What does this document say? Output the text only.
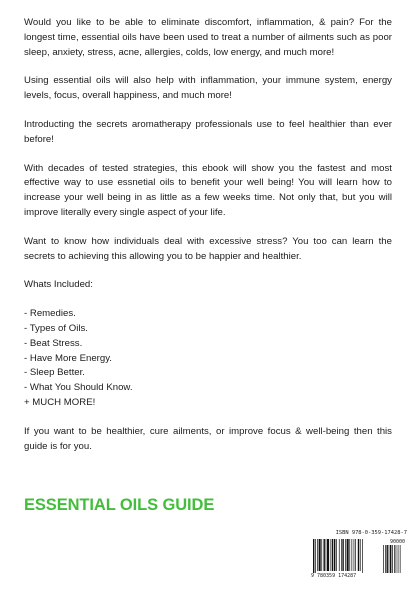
Would you like to be able to eliminate discomfort, inflammation, & pain? For the longest time, essential oils have been used to treat a number of ailments such as poor sleep, anxiety, stress, acne, allergies, colds, low energy, and much more!

Using essential oils will also help with inflammation, your immune system, energy levels, focus, overall happiness, and much more!

Introducting the secrets aromatherapy professionals use to feel healthier than ever before!

With decades of tested strategies, this ebook will show you the fastest and most effective way to use essnetial oils to benefit your well being! You will learn how to increase your well being in as little as a few weeks time. Not only that, but you will improve literally every single aspect of your life.

Want to know how individuals deal with excessive stress? You too can learn the secrets to achieving this allowing you to be happier and healthier.

Whats Included:

- Remedies.
- Types of Oils.
- Beat Stress.
- Have More Energy.
- Sleep Better.
- What You Should Know.
+ MUCH MORE!

If you want to be healthier, cure ailments, or improve focus & well-being then this guide is for you.

ESSENTIAL OILS GUIDE
ISBN 978-0-359-17428-7
90000
9 780359 174287
